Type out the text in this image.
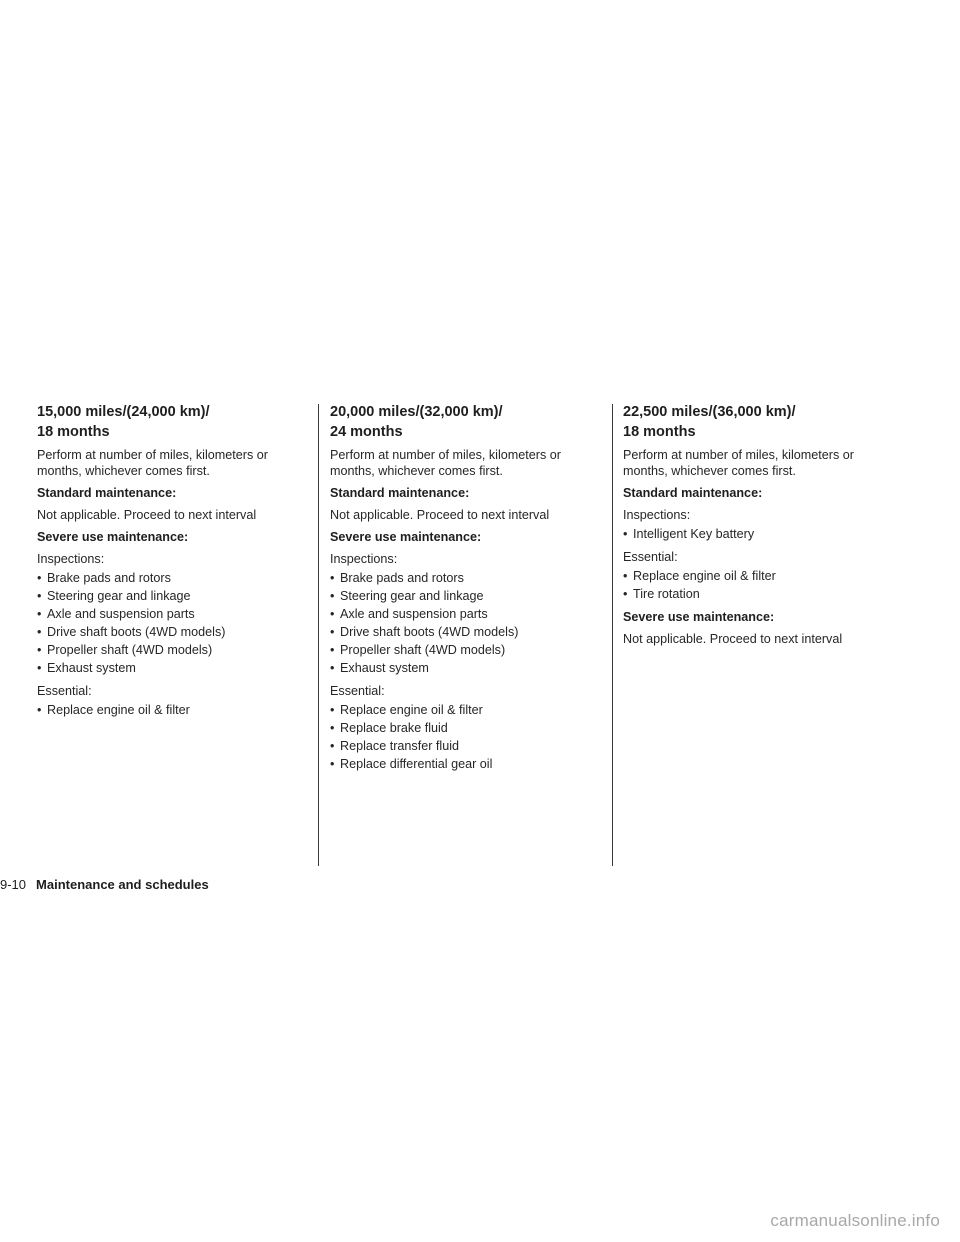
15,000 miles/(24,000 km)/
18 months

Perform at number of miles, kilometers or months, whichever comes first.

Standard maintenance:

Not applicable. Proceed to next interval

Severe use maintenance:

Inspections:

• Brake pads and rotors
• Steering gear and linkage
• Axle and suspension parts
• Drive shaft boots (4WD models)
• Propeller shaft (4WD models)
• Exhaust system

Essential:

• Replace engine oil & filter
20,000 miles/(32,000 km)/
24 months

Perform at number of miles, kilometers or months, whichever comes first.

Standard maintenance:

Not applicable. Proceed to next interval

Severe use maintenance:

Inspections:

• Brake pads and rotors
• Steering gear and linkage
• Axle and suspension parts
• Drive shaft boots (4WD models)
• Propeller shaft (4WD models)
• Exhaust system

Essential:

• Replace engine oil & filter
• Replace brake fluid
• Replace transfer fluid
• Replace differential gear oil
22,500 miles/(36,000 km)/
18 months

Perform at number of miles, kilometers or months, whichever comes first.

Standard maintenance:

Inspections:

• Intelligent Key battery

Essential:

• Replace engine oil & filter
• Tire rotation

Severe use maintenance:

Not applicable. Proceed to next interval

9-10 Maintenance and schedules
carmanualsonline.info
